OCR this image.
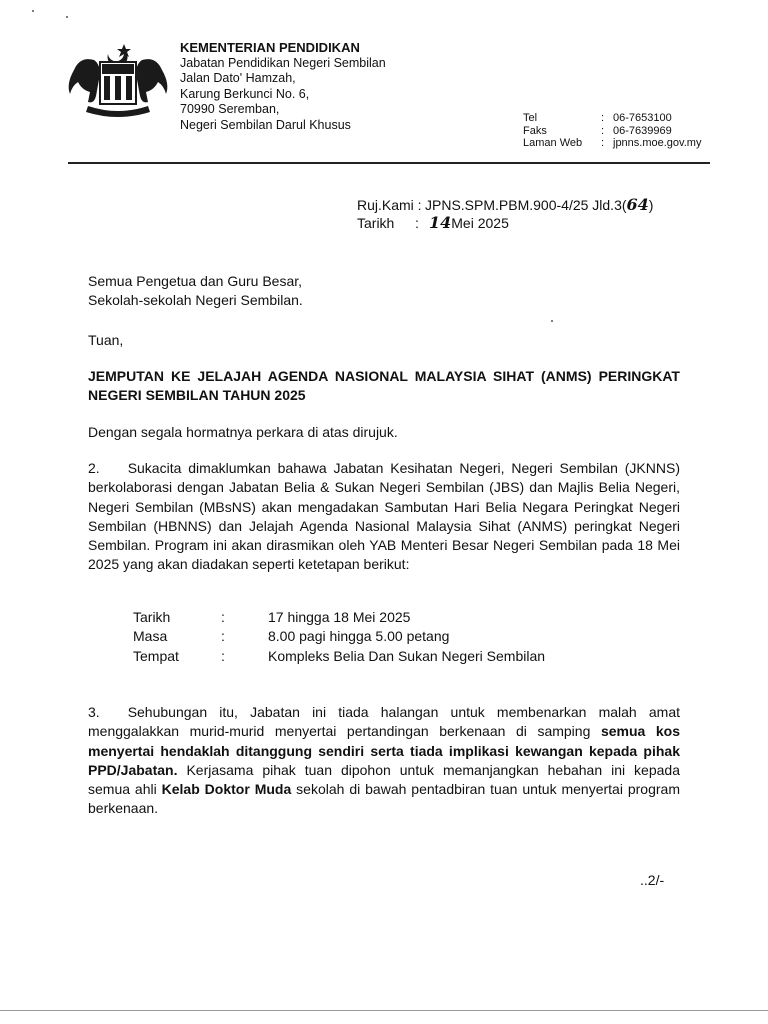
KEMENTERIAN PENDIDIKAN
Jabatan Pendidikan Negeri Sembilan
Jalan Dato' Hamzah,
Karung Berkunci No. 6,
70990 Seremban,
Negeri Sembilan Darul Khusus	Tel	: 06-7653100
Faks	: 06-7639969
Laman Web	: jpnns.moe.gov.my
Ruj.Kami : JPNS.SPM.PBM.900-4/25 Jld.3( 64 )
Tarikh	: 14 Mei 2025
Semua Pengetua dan Guru Besar,
Sekolah-sekolah Negeri Sembilan.
Tuan,
JEMPUTAN KE JELAJAH AGENDA NASIONAL MALAYSIA SIHAT (ANMS) PERINGKAT NEGERI SEMBILAN TAHUN 2025
Dengan segala hormatnya perkara di atas dirujuk.
2. Sukacita dimaklumkan bahawa Jabatan Kesihatan Negeri, Negeri Sembilan (JKNNS) berkolaborasi dengan Jabatan Belia & Sukan Negeri Sembilan (JBS) dan Majlis Belia Negeri, Negeri Sembilan (MBsNS) akan mengadakan Sambutan Hari Belia Negara Peringkat Negeri Sembilan (HBNNS) dan Jelajah Agenda Nasional Malaysia Sihat (ANMS) peringkat Negeri Sembilan. Program ini akan dirasmikan oleh YAB Menteri Besar Negeri Sembilan pada 18 Mei 2025 yang akan diadakan seperti ketetapan berikut:
Tarikh	:	17 hingga 18 Mei 2025
Masa	:	8.00 pagi hingga 5.00 petang
Tempat	:	Kompleks Belia Dan Sukan Negeri Sembilan
3. Sehubungan itu, Jabatan ini tiada halangan untuk membenarkan malah amat menggalakkan murid-murid menyertai pertandingan berkenaan di samping semua kos menyertai hendaklah ditanggung sendiri serta tiada implikasi kewangan kepada pihak PPD/Jabatan. Kerjasama pihak tuan dipohon untuk memanjangkan hebahan ini kepada semua ahli Kelab Doktor Muda sekolah di bawah pentadbiran tuan untuk menyertai program berkenaan.
..2/-
